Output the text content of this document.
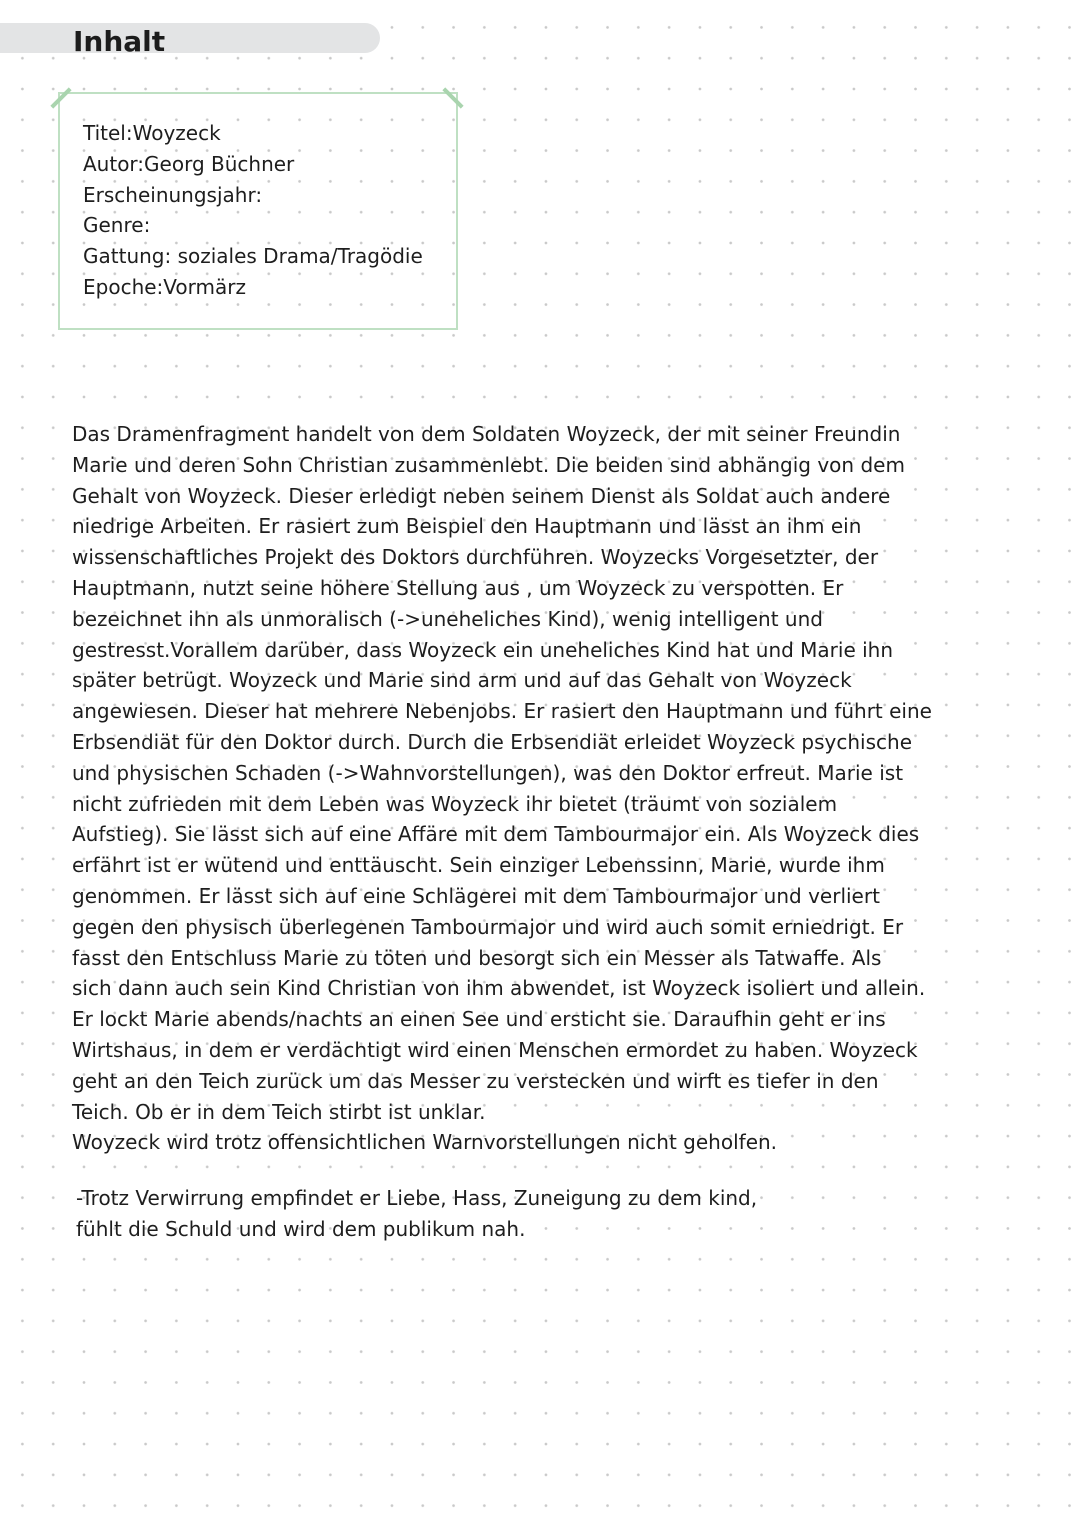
Inhalt
Titel:Woyzeck
Autor:Georg Büchner
Erscheinungsjahr:
Genre:
Gattung: soziales Drama/Tragödie
Epoche:Vormärz

Das Dramenfragment handelt von dem Soldaten Woyzeck, der mit seiner Freundin
Marie und deren Sohn Christian zusammenlebt. Die beiden sind abhängig von dem
Gehalt von Woyzeck. Dieser erledigt neben seinem Dienst als Soldat auch andere
niedrige Arbeiten. Er rasiert zum Beispiel den Hauptmann und lässt an ihm ein
wissenschaftliches Projekt des Doktors durchführen. Woyzecks Vorgesetzter, der
Hauptmann, nutzt seine höhere Stellung aus , um Woyzeck zu verspotten. Er
bezeichnet ihn als unmoralisch (->uneheliches Kind), wenig intelligent und
gestresst.Vorallem darüber, dass Woyzeck ein uneheliches Kind hat und Marie ihn
später betrügt. Woyzeck und Marie sind arm und auf das Gehalt von Woyzeck
angewiesen. Dieser hat mehrere Nebenjobs. Er rasiert den Hauptmann und führt eine
Erbsendiät für den Doktor durch. Durch die Erbsendiät erleidet Woyzeck psychische
und physischen Schaden (->Wahnvorstellungen), was den Doktor erfreut. Marie ist
nicht zufrieden mit dem Leben was Woyzeck ihr bietet (träumt von sozialem
Aufstieg). Sie lässt sich auf eine Affäre mit dem Tambourmajor ein. Als Woyzeck dies
erfährt ist er wütend und enttäuscht. Sein einziger Lebenssinn, Marie, wurde ihm
genommen. Er lässt sich auf eine Schlägerei mit dem Tambourmajor und verliert
gegen den physisch überlegenen Tambourmajor und wird auch somit erniedrigt. Er
fasst den Entschluss Marie zu töten und besorgt sich ein Messer als Tatwaffe. Als
sich dann auch sein Kind Christian von ihm abwendet, ist Woyzeck isoliert und allein.
Er lockt Marie abends/nachts an einen See und ersticht sie. Daraufhin geht er ins
Wirtshaus, in dem er verdächtigt wird einen Menschen ermordet zu haben. Woyzeck
geht an den Teich zurück um das Messer zu verstecken und wirft es tiefer in den
Teich. Ob er in dem Teich stirbt ist unklar.
Woyzeck wird trotz offensichtlichen Warnvorstellungen nicht geholfen.

-Trotz Verwirrung empfindet er Liebe, Hass, Zuneigung zu dem kind,
fühlt die Schuld und wird dem publikum nah.
